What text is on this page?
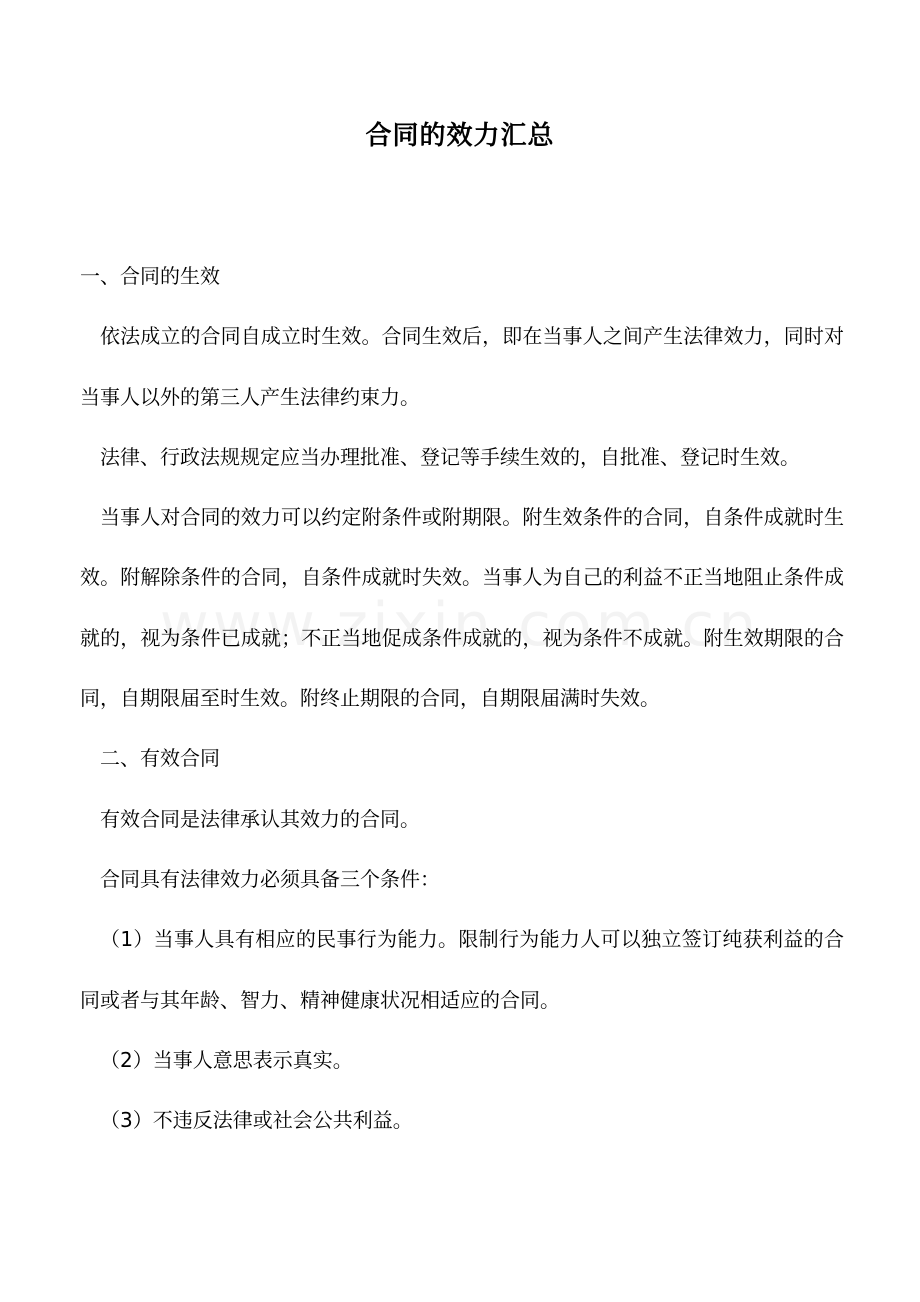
合同的效力汇总

一、合同的生效

依法成立的合同自成立时生效。合同生效后，即在当事人之间产生法律效力，同时对当事人以外的第三人产生法律约束力。

法律、行政法规规定应当办理批准、登记等手续生效的，自批准、登记时生效。

当事人对合同的效力可以约定附条件或附期限。附生效条件的合同，自条件成就时生效。附解除条件的合同，自条件成就时失效。当事人为自己的利益不正当地阻止条件成就的，视为条件已成就；不正当地促成条件成就的，视为条件不成就。附生效期限的合同，自期限届至时生效。附终止期限的合同，自期限届满时失效。

二、有效合同

有效合同是法律承认其效力的合同。

合同具有法律效力必须具备三个条件：

（1）当事人具有相应的民事行为能力。限制行为能力人可以独立签订纯获利益的合同或者与其年龄、智力、精神健康状况相适应的合同。

（2）当事人意思表示真实。

（3）不违反法律或社会公共利益。
